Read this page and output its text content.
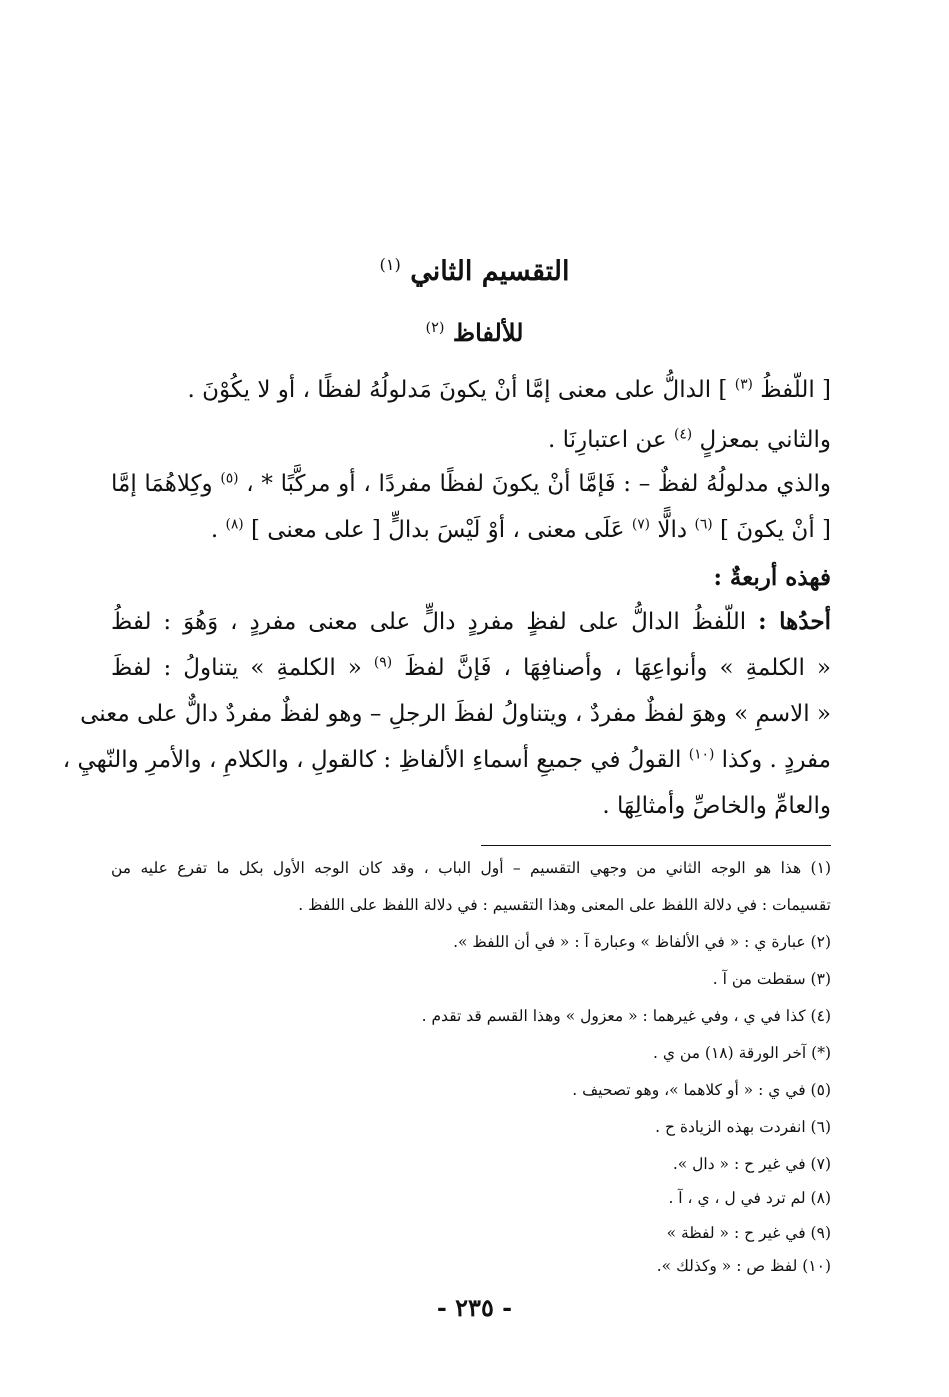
التقسيم الثاني $^{(١)}$
للألفاظ $^{(٢)}$
[ اللّفظُ $^{(٣)}$ ] الدالُّ على معنى إمَّا أنْ يكونَ مَدلولُهُ لفظًا ، أو لا يكُوْنَ .
والثاني بمعزلٍ $^{(٤)}$ عن اعتبارِنَا .
والذي مدلولُهُ لفظٌ – : فَإمَّا أنْ يكونَ لفظًا مفردًا ، أو مركَّبًا * ، $^{(٥)}$ وكِلاهُمَا إمَّا
[ أنْ يكونَ ] $^{(٦)}$ دالًّا $^{(٧)}$ عَلَى معنى ، أوْ لَيْسَ بدالٍّ [ على معنى ] $^{(٨)}$ .
فهذه أربعةٌ :
أحدُها : اللّفظُ الدالُّ على لفظٍ مفردٍ دالٍّ على معنى مفردٍ ، وَهُوَ : لفظُ
« الكلمةِ » وأنواعِهَا ، وأصنافِهَا ، فَإنَّ لفظَ $^{(٩)}$ « الكلمةِ » يتناولُ : لفظَ
« الاسمِ » وهوَ لفظٌ مفردٌ ، ويتناولُ لفظَ الرجلِ – وهو لفظٌ مفردٌ دالٌّ على معنى
مفردٍ . وكذا $^{(١٠)}$ القولُ في جميعِ أسماءِ الألفاظِ : كالقولِ ، والكلامِ ، والأمرِ والنّهيِ ،
والعامِّ والخاصِّ وأمثالِهَا .
(١) هذا هو الوجه الثاني من وجهي التقسيم – أول الباب ، وقد كان الوجه الأول بكل ما تفرع عليه من
تقسيمات : في دلالة اللفظ على المعنى وهذا التقسيم : في دلالة اللفظ على اللفظ .
(٢) عبارة ي : « في الألفاظ » وعبارة آ : « في أن اللفظ ».
(٣) سقطت من آ .
(٤) كذا في ي ، وفي غيرهما : « معزول » وهذا القسم قد تقدم .
(*) آخر الورقة (١٨) من ي .
(٥) في ي : « أو كلاهما »، وهو تصحيف .
(٦) انفردت بهذه الزيادة ح .
(٧) في غير ح : « دال ».
(٨) لم ترد في ل ، ي ، آ .
(٩) في غير ح : « لفظة »
(١٠) لفظ ص : « وكذلك ».
- ٢٣٥ -
